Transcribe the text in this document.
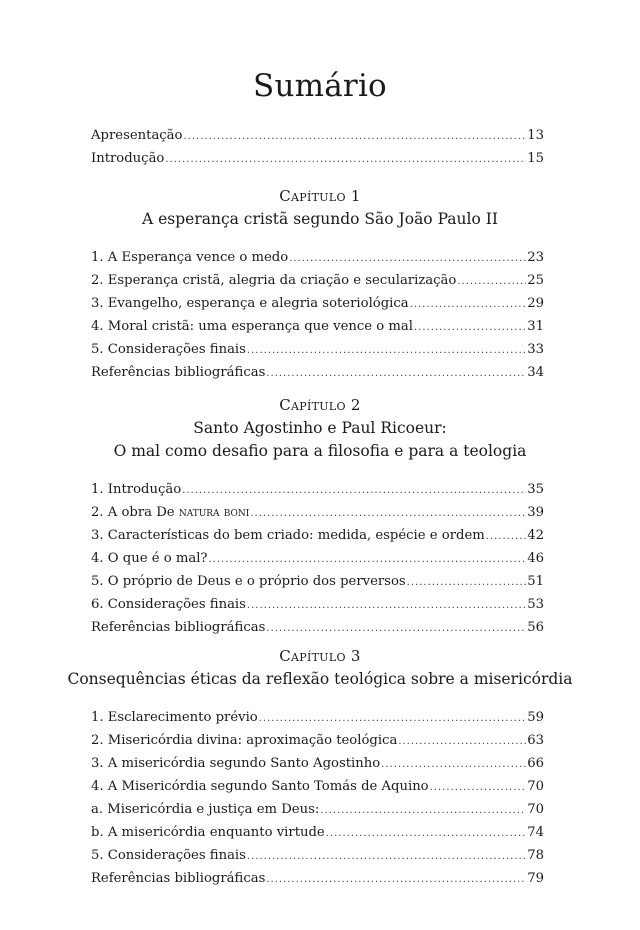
Sumário
Apresentação .....	13
Introdução .....	15
Capítulo 1
A esperança cristã segundo São João Paulo II
1. A Esperança vence o medo .....	23
2. Esperança cristã, alegria da criação e secularização .....	25
3. Evangelho, esperança e alegria soteriológica .....	29
4. Moral cristã: uma esperança que vence o mal .....	31
5. Considerações finais .....	33
Referências bibliográficas .....	34
Capítulo 2
Santo Agostinho e Paul Ricoeur:
O mal como desafio para a filosofia e para a teologia
1. Introdução .....	35
2. A obra De natura boni .....	39
3. Características do bem criado: medida, espécie e ordem .....	42
4. O que é o mal? .....	46
5. O próprio de Deus e o próprio dos perversos .....	51
6. Considerações finais .....	53
Referências bibliográficas .....	56
Capítulo 3
Consequências éticas da reflexão teológica sobre a misericórdia
1. Esclarecimento prévio .....	59
2. Misericórdia divina: aproximação teológica .....	63
3. A misericórdia segundo Santo Agostinho .....	66
4. A Misericórdia segundo Santo Tomás de Aquino .....	70
a. Misericórdia e justiça em Deus: .....	70
b. A misericórdia enquanto virtude .....	74
5. Considerações finais .....	78
Referências bibliográficas .....	79
